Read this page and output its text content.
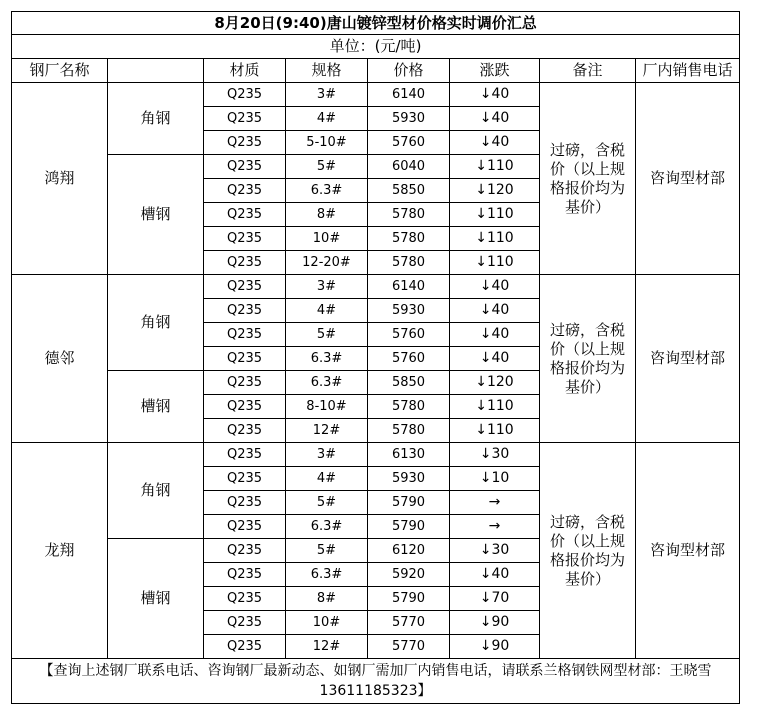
8月20日(9:40)唐山镀锌型材价格实时调价汇总							
单位：(元/吨)							
钢厂名称		材质	规格	价格	涨跌	备注	厂内销售电话
鸿翔	角钢	Q235	3#	6140	↓40	过磅，含税价（以上规格报价均为基价）	咨询型材部
		Q235	4#	5930	↓40		
		Q235	5-10#	5760	↓40		
	槽钢	Q235	5#	6040	↓110		
		Q235	6.3#	5850	↓120		
		Q235	8#	5780	↓110		
		Q235	10#	5780	↓110		
		Q235	12-20#	5780	↓110		
德邻	角钢	Q235	3#	6140	↓40	过磅，含税价（以上规格报价均为基价）	咨询型材部
		Q235	4#	5930	↓40		
		Q235	5#	5760	↓40		
		Q235	6.3#	5760	↓40		
	槽钢	Q235	6.3#	5850	↓120		
		Q235	8-10#	5780	↓110		
		Q235	12#	5780	↓110		
龙翔	角钢	Q235	3#	6130	↓30	过磅，含税价（以上规格报价均为基价）	咨询型材部
		Q235	4#	5930	↓10		
		Q235	5#	5790	→		
		Q235	6.3#	5790	→		
	槽钢	Q235	5#	6120	↓30		
		Q235	6.3#	5920	↓40		
		Q235	8#	5790	↓70		
		Q235	10#	5770	↓90		
		Q235	12#	5770	↓90		
【查询上述钢厂联系电话、咨询钢厂最新动态、如钢厂需加厂内销售电话，请联系兰格钢铁网型材部：王晓雪13611185323】							
